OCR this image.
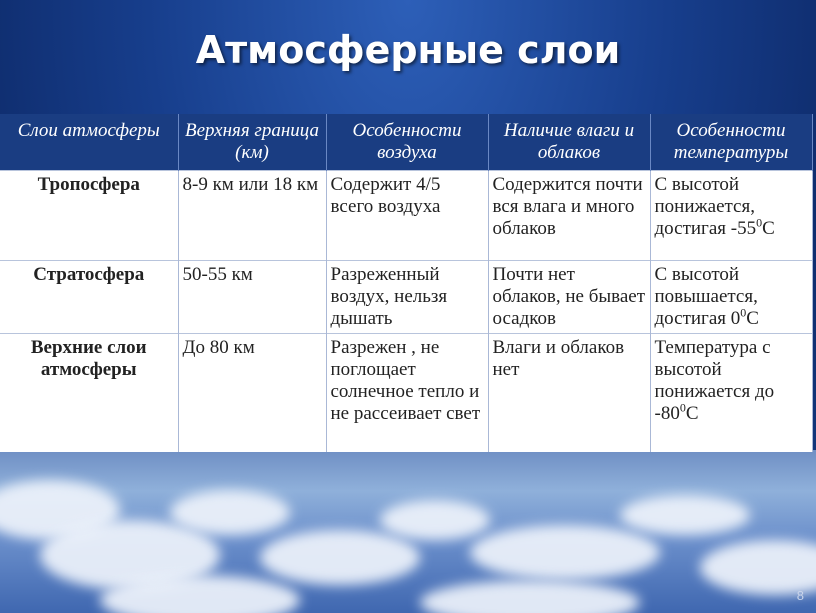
Атмосферные слои
Слои атмосферы	Верхняя граница (км)	Особенности воздуха	Наличие влаги и облаков	Особенности температуры
Тропосфера	8-9 км или 18 км	Содержит 4/5 всего воздуха	Содержится почти вся влага и много облаков	С высотой понижается, достигая $-55^0С$
Стратосфера	50-55 км	Разреженный воздух, нельзя дышать	Почти нет облаков, не бывает осадков	С высотой повышается, достигая $0^0С$
Верхние слои атмосферы	До 80 км	Разрежен , не поглощает солнечное тепло и не рассеивает свет	Влаги и облаков нет	Температура с высотой понижается до $-80^0С$
8
